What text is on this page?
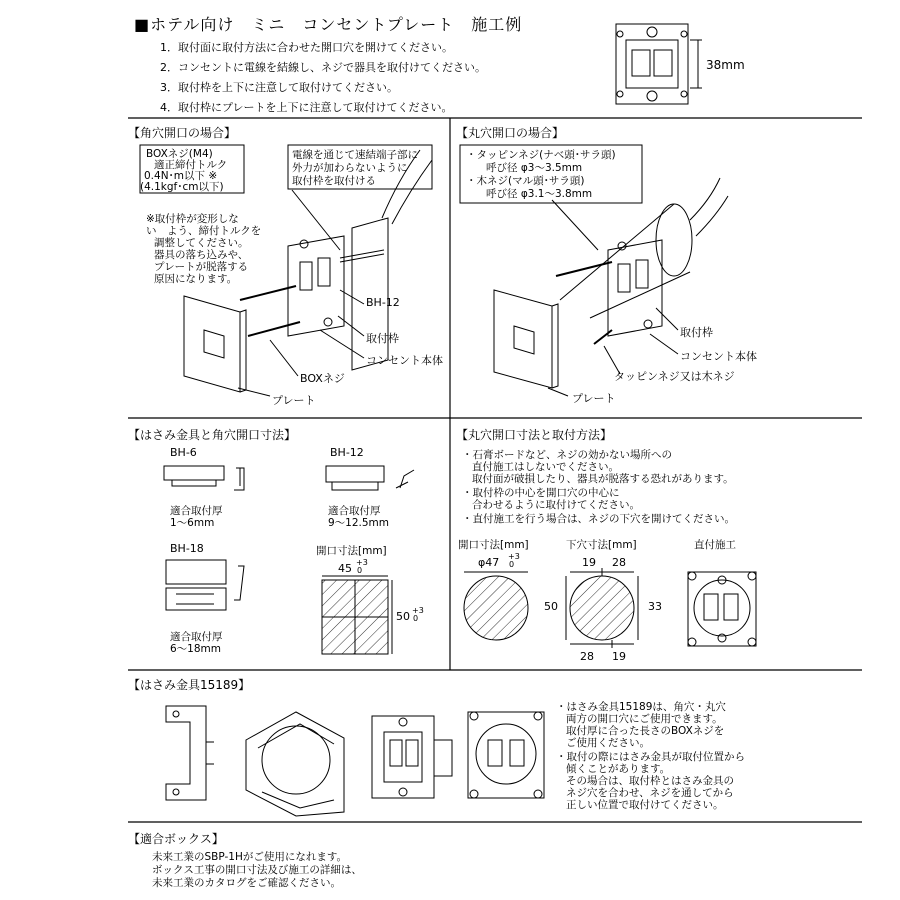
■ホテル向け　ミニ　コンセントプレート　施工例
1．取付面に取付方法に合わせた開口穴を開けてください。
2．コンセントに電線を結線し、ネジで器具を取付けてください。
3．取付枠を上下に注意して取付けてください。
4．取付枠にプレートを上下に注意して取付けてください。
38mm
【角穴開口の場合】
BOXネジ(M4)
適正締付トルク
0.4N･m以下 ※
(4.1kgf･cm以下)
電線を通じて速結端子部に
外力が加わらないように
取付枠を取付ける
※取付枠が変形しな
い　よう、締付トルクを
調整してください。
器具の落ち込みや、
プレートが脱落する
原因になります。
BH-12
取付枠
コンセント本体
BOXネジ
プレート
【丸穴開口の場合】
・タッピンネジ(ナベ頭･サラ頭)
呼び径 φ3～3.5mm
・木ネジ(マル頭･サラ頭)
呼び径 φ3.1～3.8mm
取付枠
コンセント本体
タッピンネジ又は木ネジ
プレート
【はさみ金具と角穴開口寸法】
BH-6	BH-12
適合取付厚
1～6mm
適合取付厚
9～12.5mm
BH-18
適合取付厚
6～18mm
開口寸法[mm]
45 +3
0
50 +3
0
【丸穴開口寸法と取付方法】
・石膏ボードなど、ネジの効かない場所への
直付施工はしないでください。
取付面が破損したり、器具が脱落する恐れがあります。
・取付枠の中心を開口穴の中心に
合わせるように取付けてください。
・直付施工を行う場合は、ネジの下穴を開けてください。
開口寸法[mm]	下穴寸法[mm]	直付施工
φ47 +3
0	19 28
50	33
28 19
【はさみ金具15189】
・はさみ金具15189は、角穴・丸穴
両方の開口穴にご使用できます。
取付厚に合った長さのBOXネジを
ご使用ください。
・取付の際にはさみ金具が取付位置から
傾くことがあります。
その場合は、取付枠とはさみ金具の
ネジ穴を合わせ、ネジを通してから
正しい位置で取付けてください。
【適合ボックス】
未来工業のSBP-1Hがご使用になれます。
ボックス工事の開口寸法及び施工の詳細は、
未来工業のカタログをご確認ください。
